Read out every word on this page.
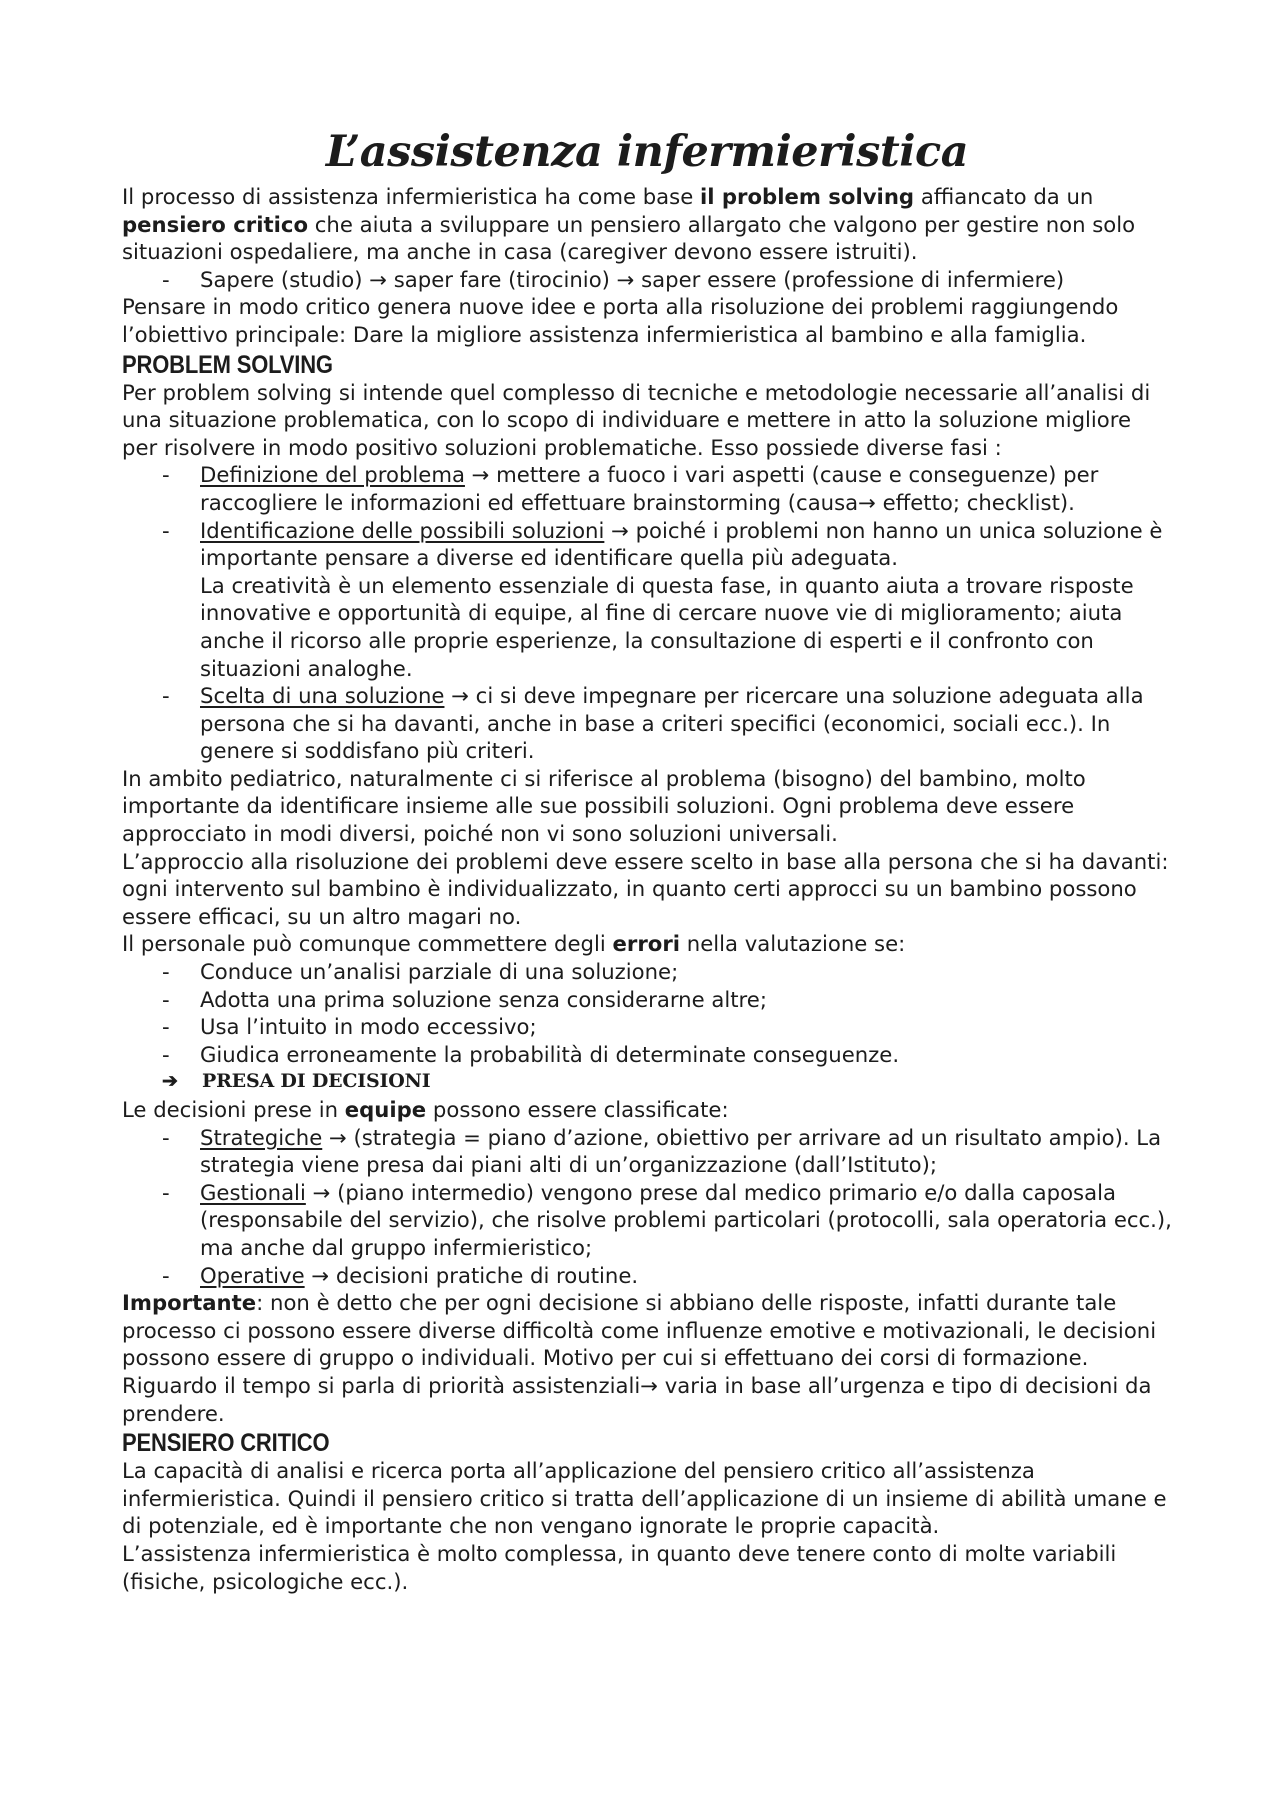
L’assistenza infermieristica

Il processo di assistenza infermieristica ha come base il problem solving affiancato da un pensiero critico che aiuta a sviluppare un pensiero allargato che valgono per gestire non solo situazioni ospedaliere, ma anche in casa (caregiver devono essere istruiti).

- Sapere (studio) → saper fare (tirocinio) → saper essere (professione di infermiere)

Pensare in modo critico genera nuove idee e porta alla risoluzione dei problemi raggiungendo l’obiettivo principale: Dare la migliore assistenza infermieristica al bambino e alla famiglia.

PROBLEM SOLVING

Per problem solving si intende quel complesso di tecniche e metodologie necessarie all’analisi di una situazione problematica, con lo scopo di individuare e mettere in atto la soluzione migliore per risolvere in modo positivo soluzioni problematiche. Esso possiede diverse fasi :

- Definizione del problema → mettere a fuoco i vari aspetti (cause e conseguenze) per raccogliere le informazioni ed effettuare brainstorming (causa→ effetto; checklist).
- Identificazione delle possibili soluzioni → poiché i problemi non hanno un unica soluzione è importante pensare a diverse ed identificare quella più adeguata.
La creatività è un elemento essenziale di questa fase, in quanto aiuta a trovare risposte innovative e opportunità di equipe, al fine di cercare nuove vie di miglioramento; aiuta anche il ricorso alle proprie esperienze, la consultazione di esperti e il confronto con situazioni analoghe.
- Scelta di una soluzione → ci si deve impegnare per ricercare una soluzione adeguata alla persona che si ha davanti, anche in base a criteri specifici (economici, sociali ecc.). In genere si soddisfano più criteri.

In ambito pediatrico, naturalmente ci si riferisce al problema (bisogno) del bambino, molto importante da identificare insieme alle sue possibili soluzioni. Ogni problema deve essere approcciato in modi diversi, poiché non vi sono soluzioni universali.

L’approccio alla risoluzione dei problemi deve essere scelto in base alla persona che si ha davanti: ogni intervento sul bambino è individualizzato, in quanto certi approcci su un bambino possono essere efficaci, su un altro magari no.

Il personale può comunque commettere degli errori nella valutazione se:

- Conduce un’analisi parziale di una soluzione;
- Adotta una prima soluzione senza considerarne altre;
- Usa l’intuito in modo eccessivo;
- Giudica erroneamente la probabilità di determinate conseguenze.
➔ PRESA DI DECISIONI

Le decisioni prese in equipe possono essere classificate:

- Strategiche → (strategia = piano d’azione, obiettivo per arrivare ad un risultato ampio). La strategia viene presa dai piani alti di un’organizzazione (dall’Istituto);
- Gestionali → (piano intermedio) vengono prese dal medico primario e/o dalla caposala (responsabile del servizio), che risolve problemi particolari (protocolli, sala operatoria ecc.), ma anche dal gruppo infermieristico;
- Operative → decisioni pratiche di routine.

Importante: non è detto che per ogni decisione si abbiano delle risposte, infatti durante tale processo ci possono essere diverse difficoltà come influenze emotive e motivazionali, le decisioni possono essere di gruppo o individuali. Motivo per cui si effettuano dei corsi di formazione. Riguardo il tempo si parla di priorità assistenziali→ varia in base all’urgenza e tipo di decisioni da prendere.

PENSIERO CRITICO

La capacità di analisi e ricerca porta all’applicazione del pensiero critico all’assistenza infermieristica. Quindi il pensiero critico si tratta dell’applicazione di un insieme di abilità umane e di potenziale, ed è importante che non vengano ignorate le proprie capacità.

L’assistenza infermieristica è molto complessa, in quanto deve tenere conto di molte variabili (fisiche, psicologiche ecc.).
